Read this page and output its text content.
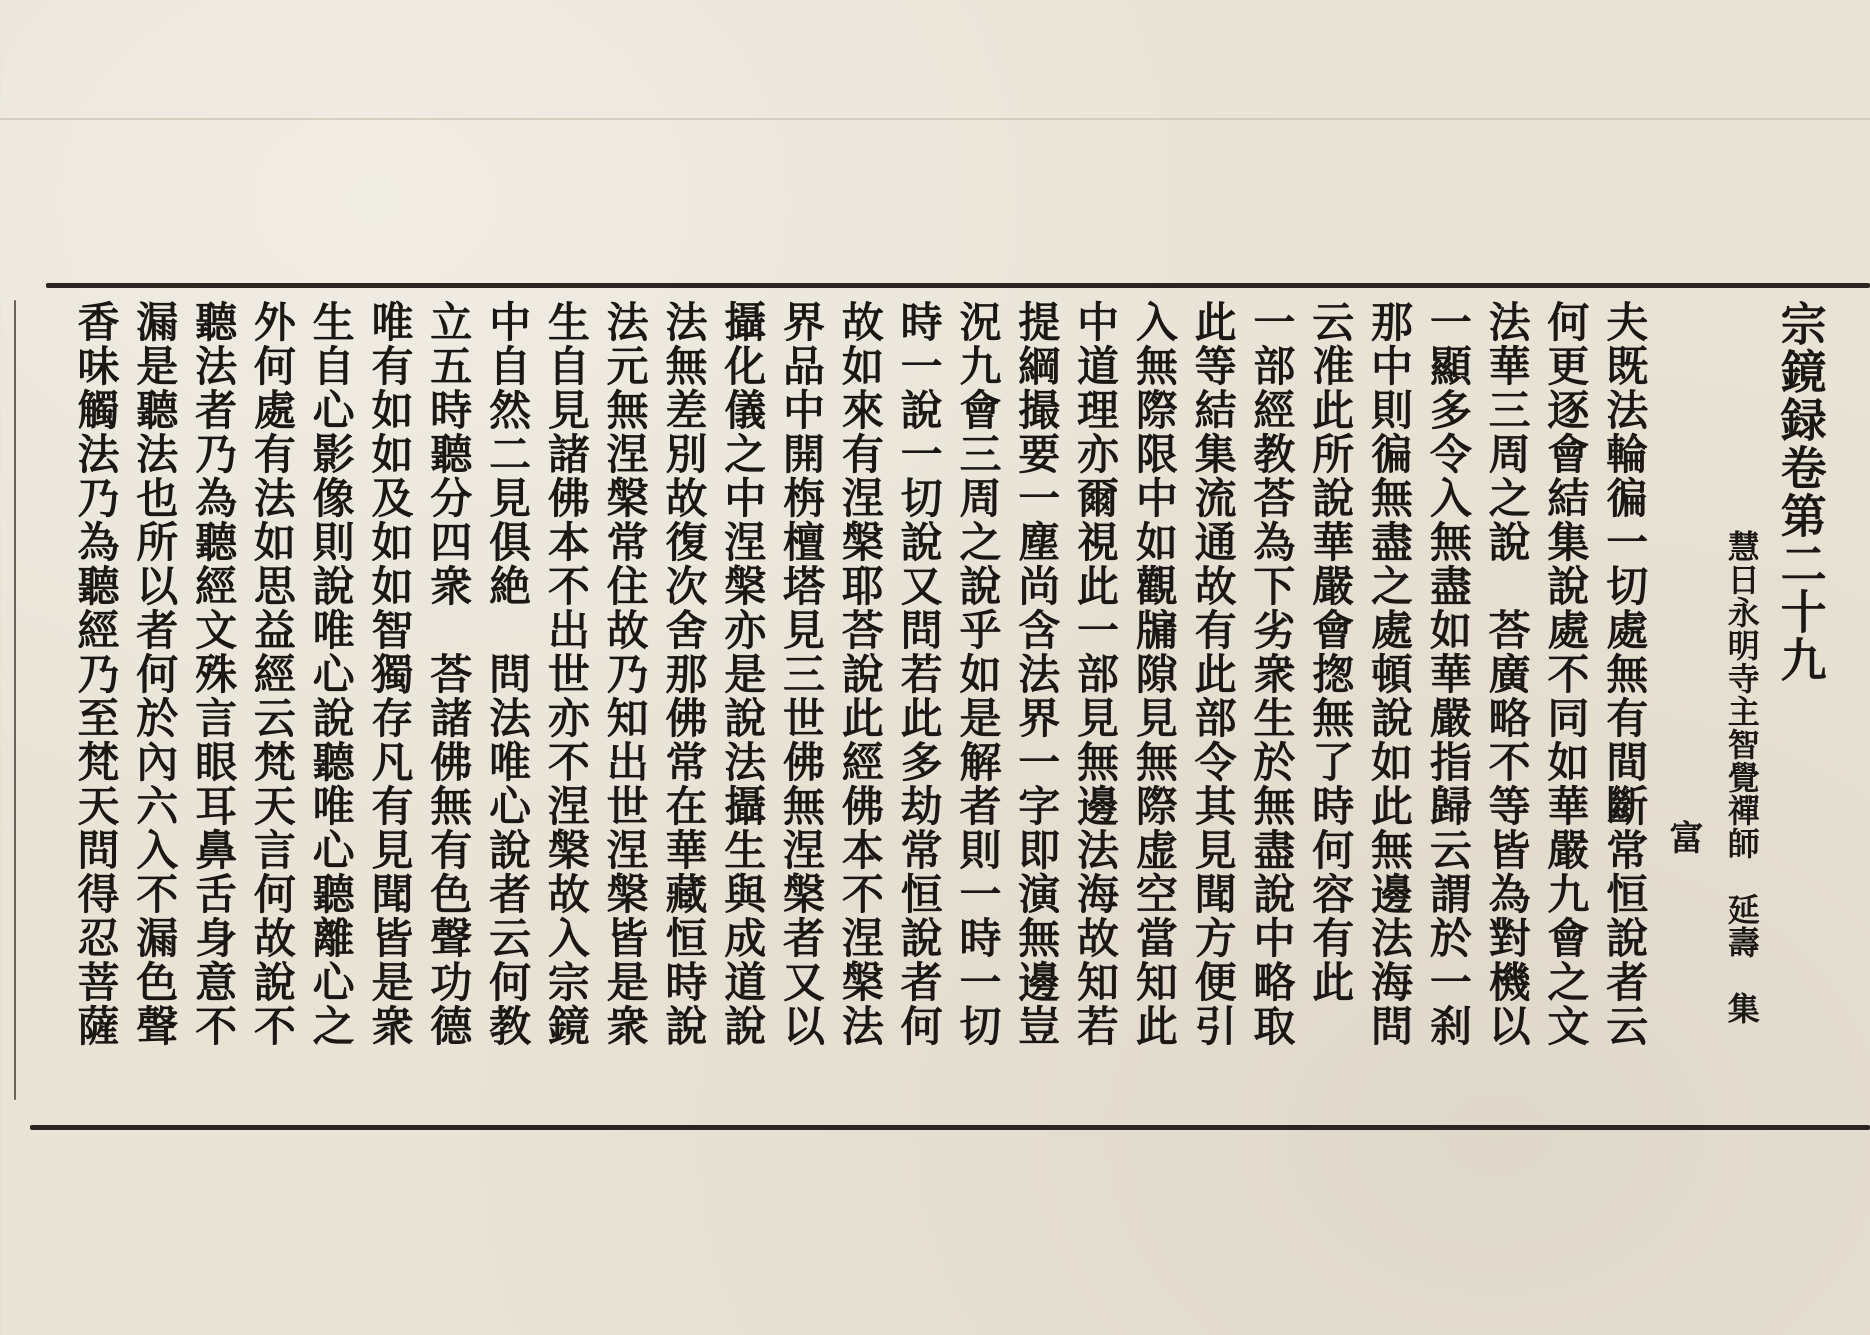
宗鏡録卷第二十九
慧日永明寺主智覺禪師　延壽　集
富
夫既法輪徧一切處無有間斷常恒說者云
何更逐會結集說處不同如華嚴九會之文
法華三周之說　荅廣略不等皆為對機以
一顯多令入無盡如華嚴指歸云謂於一刹
那中則徧無盡之處頓說如此無邊法海問
云准此所說華嚴會揔無了時何容有此
一部經教荅為下劣衆生於無盡說中略取
此等結集流通故有此部令其見聞方便引
入無際限中如觀牖隙見無際虚空當知此
中道理亦爾視此一部見無邊法海故知若
提綱撮要一塵尚含法界一字即演無邊豈
況九會三周之說乎如是解者則一時一切
時一說一切說又問若此多劫常恒說者何
故如來有涅槃耶荅說此經佛本不涅槃法
界品中開栴檀塔見三世佛無涅槃者又以
攝化儀之中涅槃亦是說法攝生與成道說
法無差別故復次舍那佛常在華藏恒時說
法元無涅槃常住故乃知出世涅槃皆是衆
生自見諸佛本不出世亦不涅槃故入宗鏡
中自然二見俱絶　問法唯心說者云何教
立五時聽分四衆　荅諸佛無有色聲功德
唯有如如及如如智獨存凡有見聞皆是衆
生自心影像則說唯心說聽唯心聽離心之
外何處有法如思益經云梵天言何故說不
聽法者乃為聽經文殊言眼耳鼻舌身意不
漏是聽法也所以者何於內六入不漏色聲
香味觸法乃為聽經乃至梵天問得忍菩薩
